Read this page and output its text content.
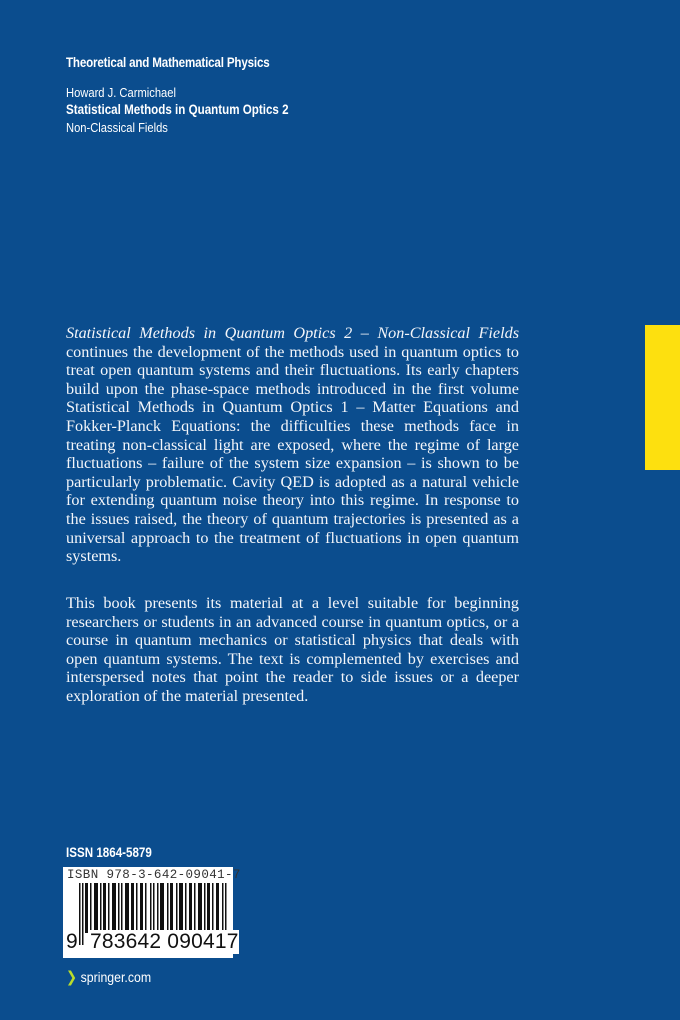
Theoretical and Mathematical Physics
Howard J. Carmichael
Statistical Methods in Quantum Optics 2
Non-Classical Fields
Statistical Methods in Quantum Optics 2 – Non-Classical Fields continues the development of the methods used in quantum optics to treat open quantum systems and their fluctuations. Its early chapters build upon the phase-space methods introduced in the first volume Statistical Methods in Quantum Optics 1 – Matter Equations and Fokker-Planck Equations: the difficulties these methods face in treating non-classical light are exposed, where the regime of large fluctuations – failure of the system size expansion – is shown to be particularly problematic. Cavity QED is adopted as a natural vehicle for extending quantum noise theory into this regime. In response to the issues raised, the theory of quantum trajectories is presented as a universal approach to the treatment of fluctuations in open quantum systems.
This book presents its material at a level suitable for beginning researchers or students in an advanced course in quantum optics, or a course in quantum mechanics or statistical physics that deals with open quantum systems. The text is complemented by exercises and interspersed notes that point the reader to side issues or a deeper exploration of the material presented.
ISSN 1864-5879
ISBN 978-3-642-09041-7
9 783642 090417
❯ springer.com
